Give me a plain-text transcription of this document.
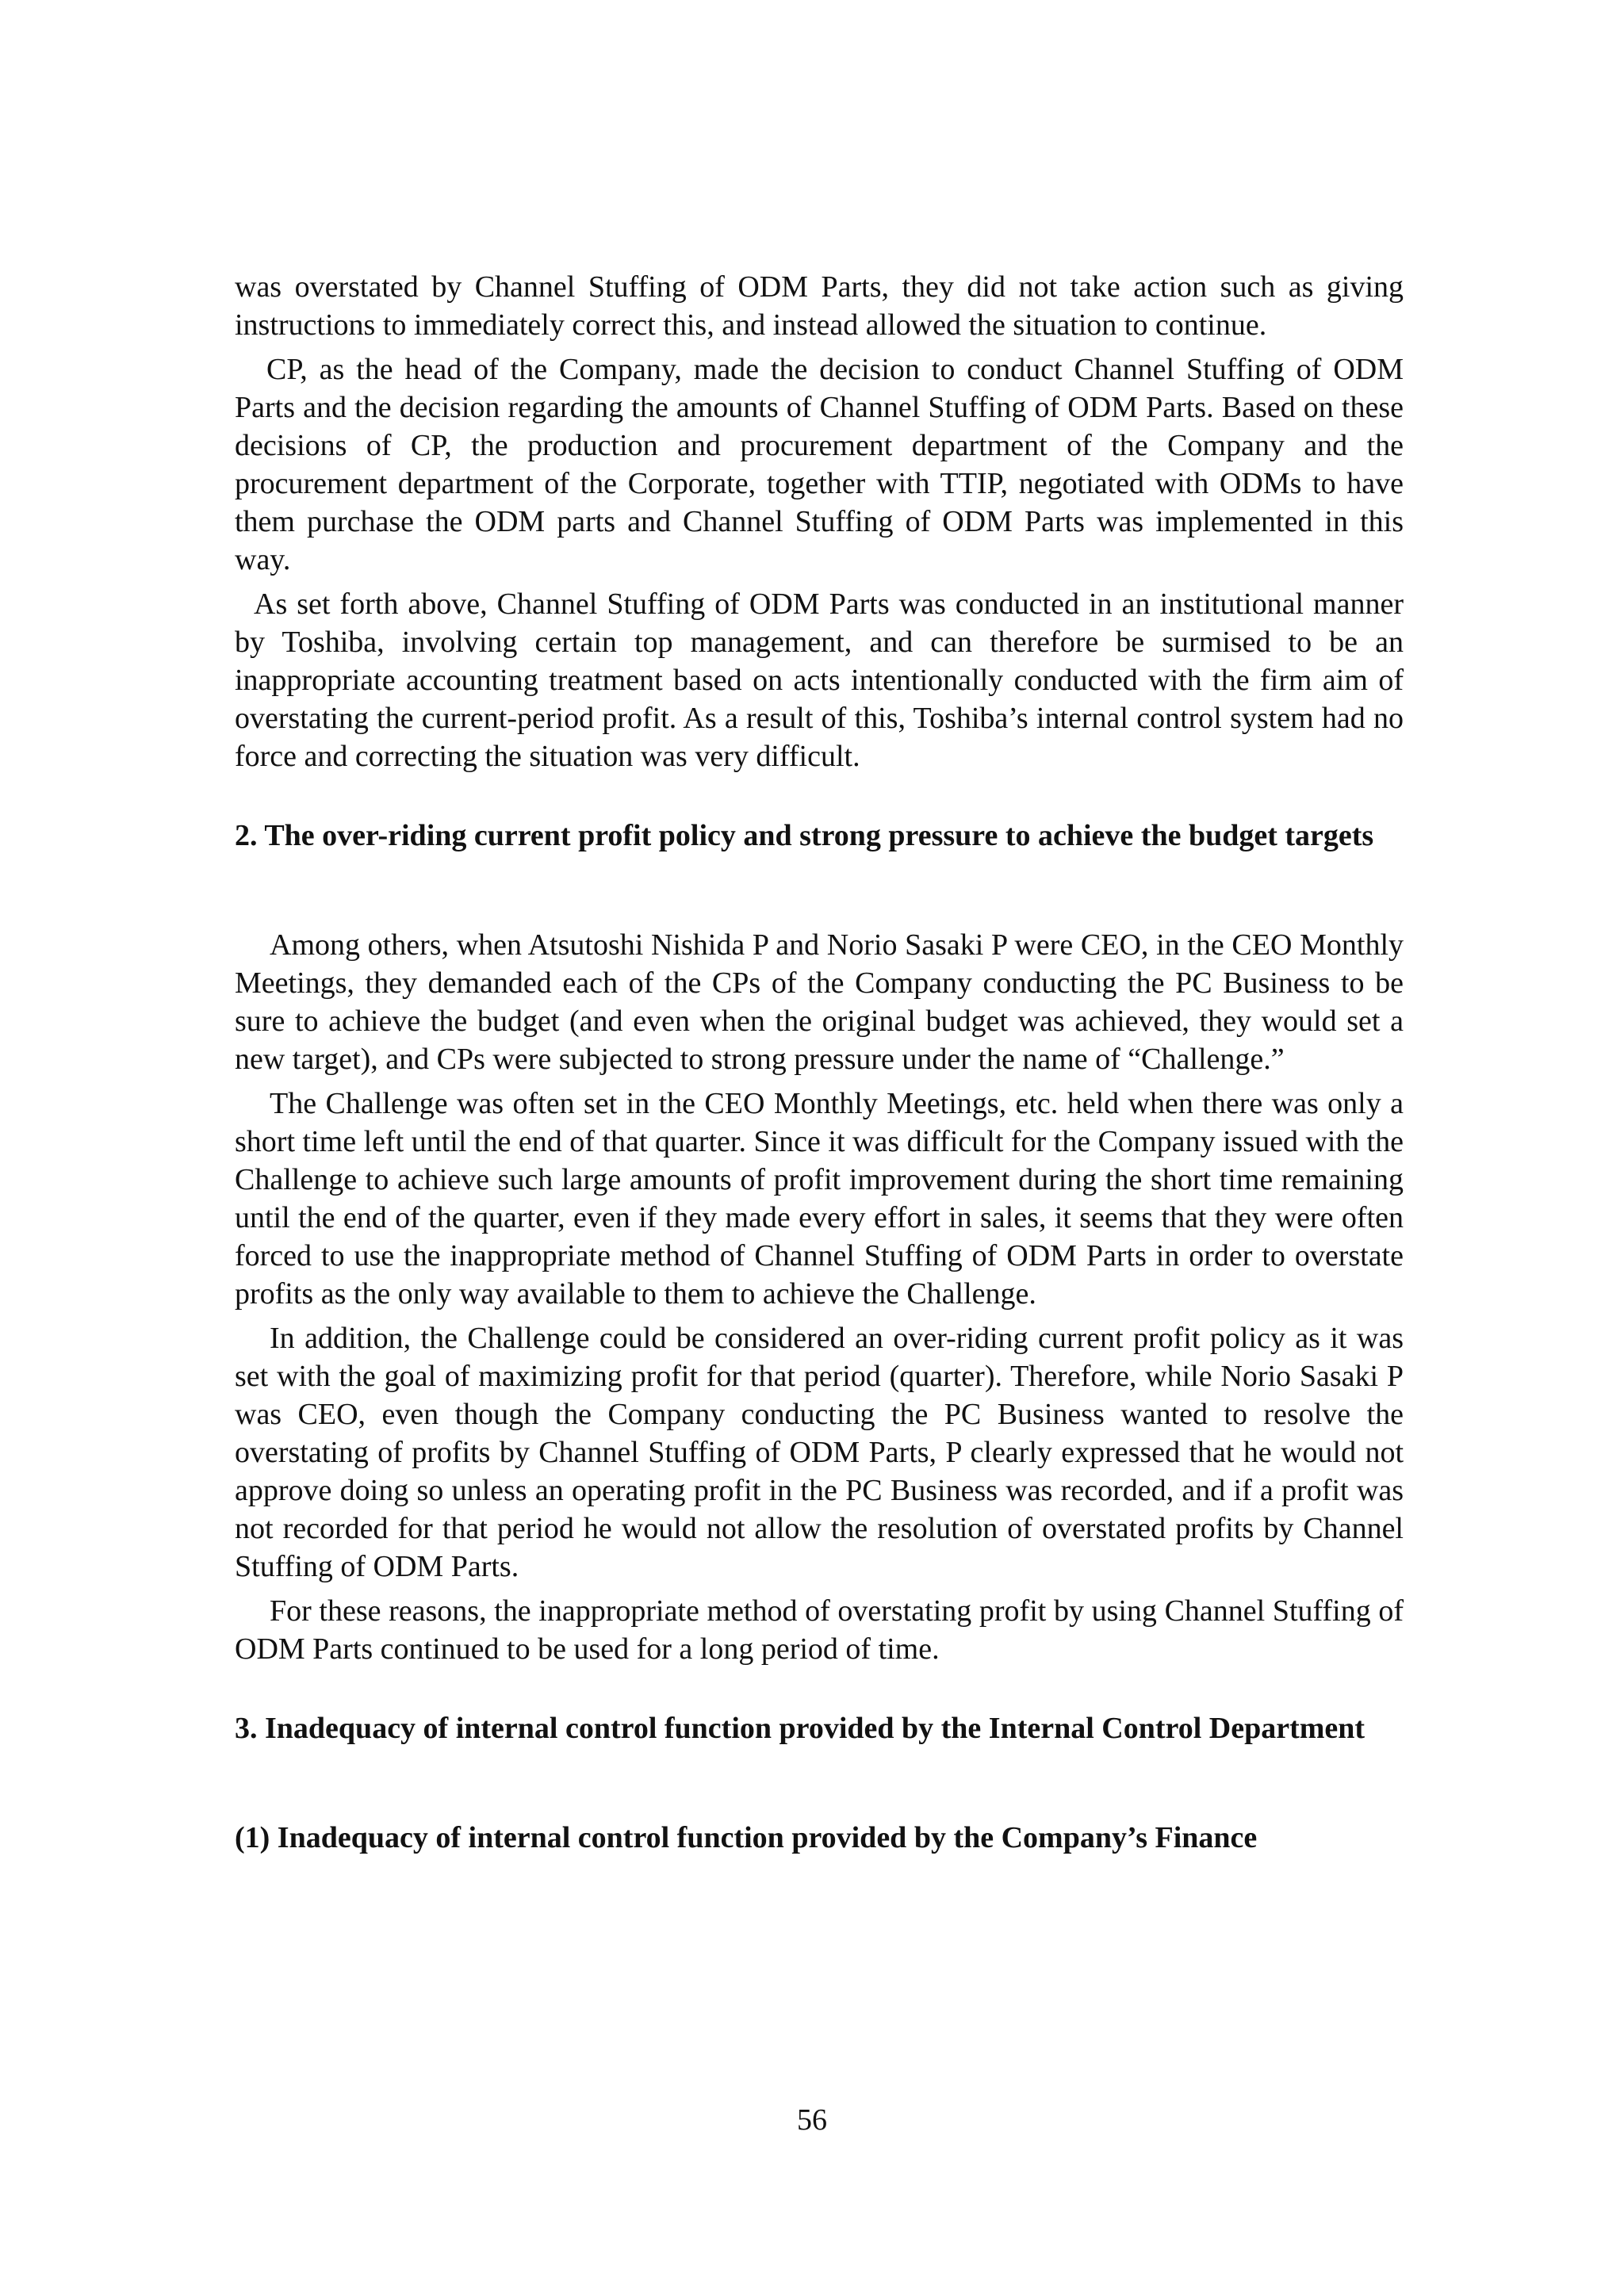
was overstated by Channel Stuffing of ODM Parts, they did not take action such as giving instructions to immediately correct this, and instead allowed the situation to continue.

CP, as the head of the Company, made the decision to conduct Channel Stuffing of ODM Parts and the decision regarding the amounts of Channel Stuffing of ODM Parts. Based on these decisions of CP, the production and procurement department of the Company and the procurement department of the Corporate, together with TTIP, negotiated with ODMs to have them purchase the ODM parts and Channel Stuffing of ODM Parts was implemented in this way.

As set forth above, Channel Stuffing of ODM Parts was conducted in an institutional manner by Toshiba, involving certain top management, and can therefore be surmised to be an inappropriate accounting treatment based on acts intentionally conducted with the firm aim of overstating the current-period profit. As a result of this, Toshiba’s internal control system had no force and correcting the situation was very difficult.

2. The over-riding current profit policy and strong pressure to achieve the budget targets

Among others, when Atsutoshi Nishida P and Norio Sasaki P were CEO, in the CEO Monthly Meetings, they demanded each of the CPs of the Company conducting the PC Business to be sure to achieve the budget (and even when the original budget was achieved, they would set a new target), and CPs were subjected to strong pressure under the name of “Challenge.”

The Challenge was often set in the CEO Monthly Meetings, etc. held when there was only a short time left until the end of that quarter. Since it was difficult for the Company issued with the Challenge to achieve such large amounts of profit improvement during the short time remaining until the end of the quarter, even if they made every effort in sales, it seems that they were often forced to use the inappropriate method of Channel Stuffing of ODM Parts in order to overstate profits as the only way available to them to achieve the Challenge.

In addition, the Challenge could be considered an over-riding current profit policy as it was set with the goal of maximizing profit for that period (quarter). Therefore, while Norio Sasaki P was CEO, even though the Company conducting the PC Business wanted to resolve the overstating of profits by Channel Stuffing of ODM Parts, P clearly expressed that he would not approve doing so unless an operating profit in the PC Business was recorded, and if a profit was not recorded for that period he would not allow the resolution of overstated profits by Channel Stuffing of ODM Parts.

For these reasons, the inappropriate method of overstating profit by using Channel Stuffing of ODM Parts continued to be used for a long period of time.

3. Inadequacy of internal control function provided by the Internal Control Department

(1) Inadequacy of internal control function provided by the Company’s Finance

56
